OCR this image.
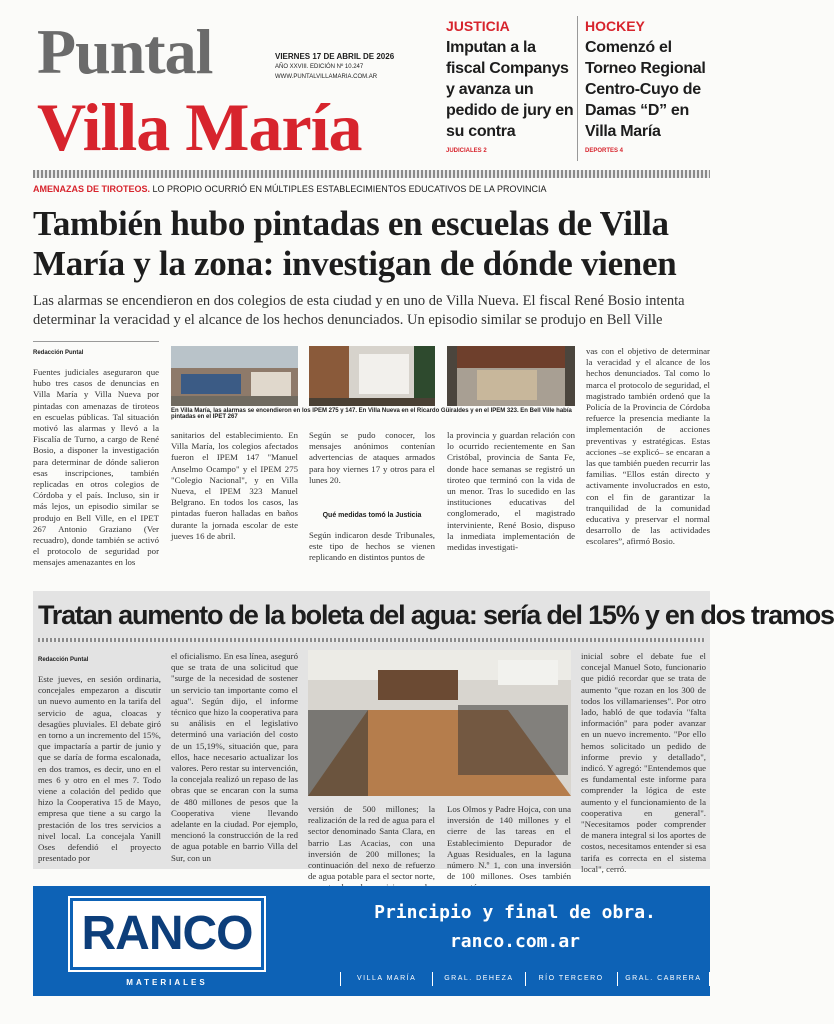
Puntal
Villa María
VIERNES 17 DE ABRIL DE 2026
AÑO XXVIII. EDICIÓN Nº 10.247
WWW.PUNTALVILLAMARIA.COM.AR
JUSTICIA
Imputan a la fiscal Companys y avanza un pedido de jury en su contra
JUDICIALES 2
HOCKEY
Comenzó el Torneo Regional Centro-Cuyo de Damas “D” en Villa María
DEPORTES 4
AMENAZAS DE TIROTEOS. LO PROPIO OCURRIÓ EN MÚLTIPLES ESTABLECIMIENTOS EDUCATIVOS DE LA PROVINCIA
También hubo pintadas en escuelas de Villa María y la zona: investigan de dónde vienen
Las alarmas se encendieron en dos colegios de esta ciudad y en uno de Villa Nueva. El fiscal René Bosio intenta determinar la veracidad y el alcance de los hechos denunciados. Un episodio similar se produjo en Bell Ville
Redacción Puntal
Fuentes judiciales aseguraron que hubo tres casos de denuncias en Villa María y Villa Nueva por pintadas con amenazas de tiroteos en escuelas públicas. Tal situación motivó las alarmas y llevó a la Fiscalía de Turno, a cargo de René Bosio, a disponer la investigación para determinar de dónde salieron esas inscripciones, también replicadas en otros colegios de Córdoba y el país. Incluso, sin ir más lejos, un episodio similar se produjo en Bell Ville, en el IPET 267 Antonio Graziano (Ver recuadro), donde también se activó el protocolo de seguridad por mensajes amenazantes en los
En Villa María, las alarmas se encendieron en los IPEM 275 y 147. En Villa Nueva en el Ricardo Güiraldes y en el IPEM 323. En Bell Ville había pintadas en el IPET 267
sanitarios del establecimiento. En Villa María, los colegios afectados fueron el IPEM 147 "Manuel Anselmo Ocampo" y el IPEM 275 "Colegio Nacional", y en Villa Nueva, el IPEM 323 Manuel Belgrano. En todos los casos, las pintadas fueron halladas en baños durante la jornada escolar de este jueves 16 de abril.
Según se pudo conocer, los mensajes anónimos contenían advertencias de ataques armados para hoy viernes 17 y otros para el lunes 20.
Qué medidas tomó la Justicia
Según indicaron desde Tribunales, este tipo de hechos se vienen replicando en distintos puntos de
la provincia y guardan relación con lo ocurrido recientemente en San Cristóbal, provincia de Santa Fe, donde hace semanas se registró un tiroteo que terminó con la vida de un menor. Tras lo sucedido en las instituciones educativas del conglomerado, el magistrado interviniente, René Bosio, dispuso la inmediata implementación de medidas investigati-
vas con el objetivo de determinar la veracidad y el alcance de los hechos denunciados. Tal como lo marca el protocolo de seguridad, el magistrado también ordenó que la Policía de la Provincia de Córdoba refuerce la presencia mediante la implementación de acciones preventivas y estratégicas. Estas acciones –se explicó– se encaran a las que también pueden recurrir las familias. “Ellos están directo y activamente involucrados en esto, con el fin de garantizar la tranquilidad de la comunidad educativa y preservar el normal desarrollo de las actividades escolares”, afirmó Bosio.
Tratan aumento de la boleta del agua: sería del 15% y en dos tramos
Redacción Puntal
Este jueves, en sesión ordinaria, concejales empezaron a discutir un nuevo aumento en la tarifa del servicio de agua, cloacas y desagües pluviales. El debate giró en torno a un incremento del 15%, que impactaría a partir de junio y que se daría de forma escalonada, en dos tramos, es decir, uno en el mes 6 y otro en el mes 7. Todo viene a colación del pedido que hizo la Cooperativa 15 de Mayo, empresa que tiene a su cargo la prestación de los tres servicios a nivel local. La concejala Yanill Oses defendió el proyecto presentado por
el oficialismo. En esa línea, aseguró que se trata de una solicitud que "surge de la necesidad de sostener un servicio tan importante como el agua". Según dijo, el informe técnico que hizo la cooperativa para su análisis en el legislativo determinó una variación del costo de un 15,19%, situación que, para ellos, hace necesario actualizar los valores. Pero restar su intervención, la concejala realizó un repaso de las obras que se encaran con la suma de 480 millones de pesos que la Cooperativa viene llevando adelante en la ciudad. Por ejemplo, mencionó la construcción de la red de agua potable en barrio Villa del Sur, con un
versión de 500 millones; la realización de la red de agua para el sector denominado Santa Clara, en barrio Las Acacias, con una inversión de 200 millones; la continuación del nexo de refuerzo de agua potable para el sector norte,
Los Olmos y Padre Hojca, con una inversión de 140 millones y el cierre de las tareas en el Establecimiento Depurador de Aguas Residuales, en la laguna número N.º 1, con una inversión de 100 millones. Oses también
inicial sobre el debate fue el concejal Manuel Soto, funcionario que pidió recordar que se trata de aumento "que rozan en los 300 de todos los villamarienses". Por otro lado, habló de que todavía "falta información" para poder avanzar en un nuevo incremento. "Por ello hemos solicitado un pedido de informe previo y detallado", indicó. Y agregó: "Entendemos que es fundamental este informe para comprender la lógica de este aumento y el funcionamiento de la cooperativa en general". "Necesitamos poder comprender de manera integral si los aportes de costos, necesitamos entender si esa tarifa es correcta en el sistema local", cerró.
RANCO
MATERIALES
Principio y final de obra.
ranco.com.ar
VILLA MARÍA	GRAL. DEHEZA	RÍO TERCERO	GRAL. CABRERA
